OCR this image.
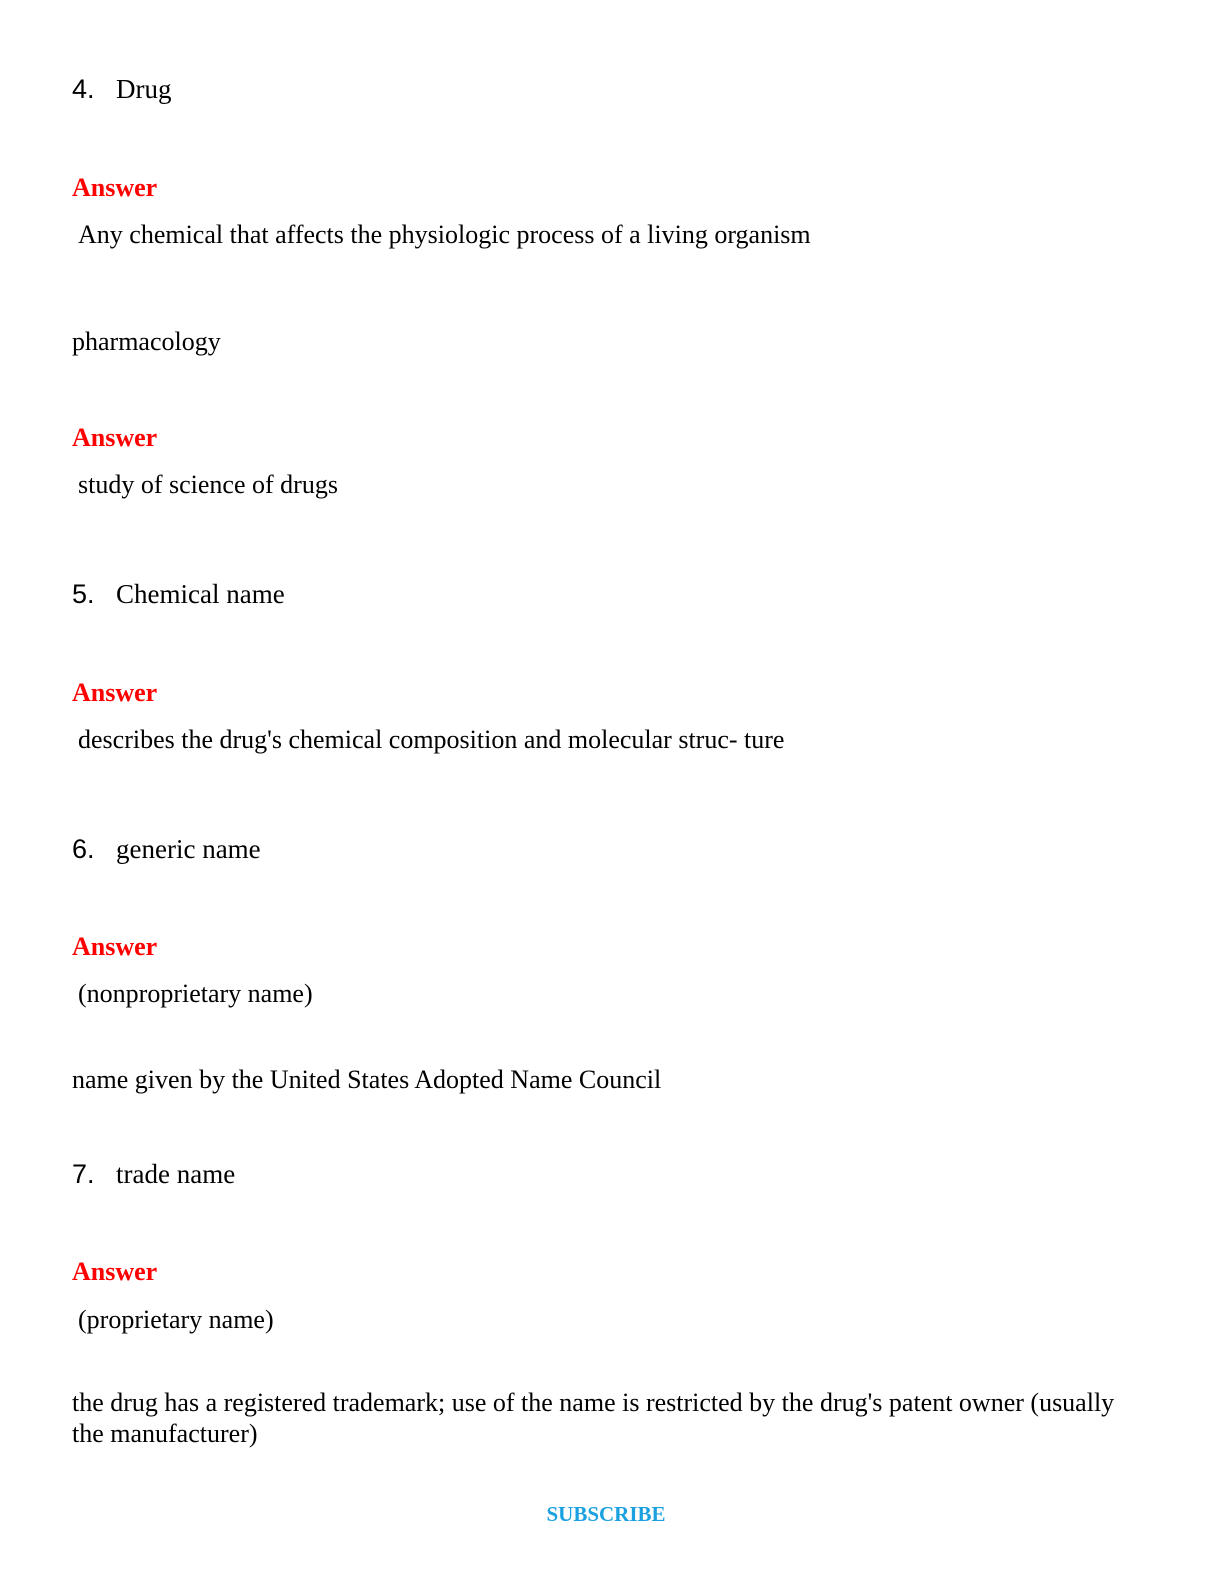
4. Drug
Answer
Any chemical that affects the physiologic process of a living organism
pharmacology
Answer
study of science of drugs
5. Chemical name
Answer
describes the drug's chemical composition and molecular struc- ture
6. generic name
Answer
(nonproprietary name)
name given by the United States Adopted Name Council
7. trade name
Answer
(proprietary name)
the drug has a registered trademark; use of the name is restricted by the drug's patent owner (usually the manufacturer)
SUBSCRIBE
